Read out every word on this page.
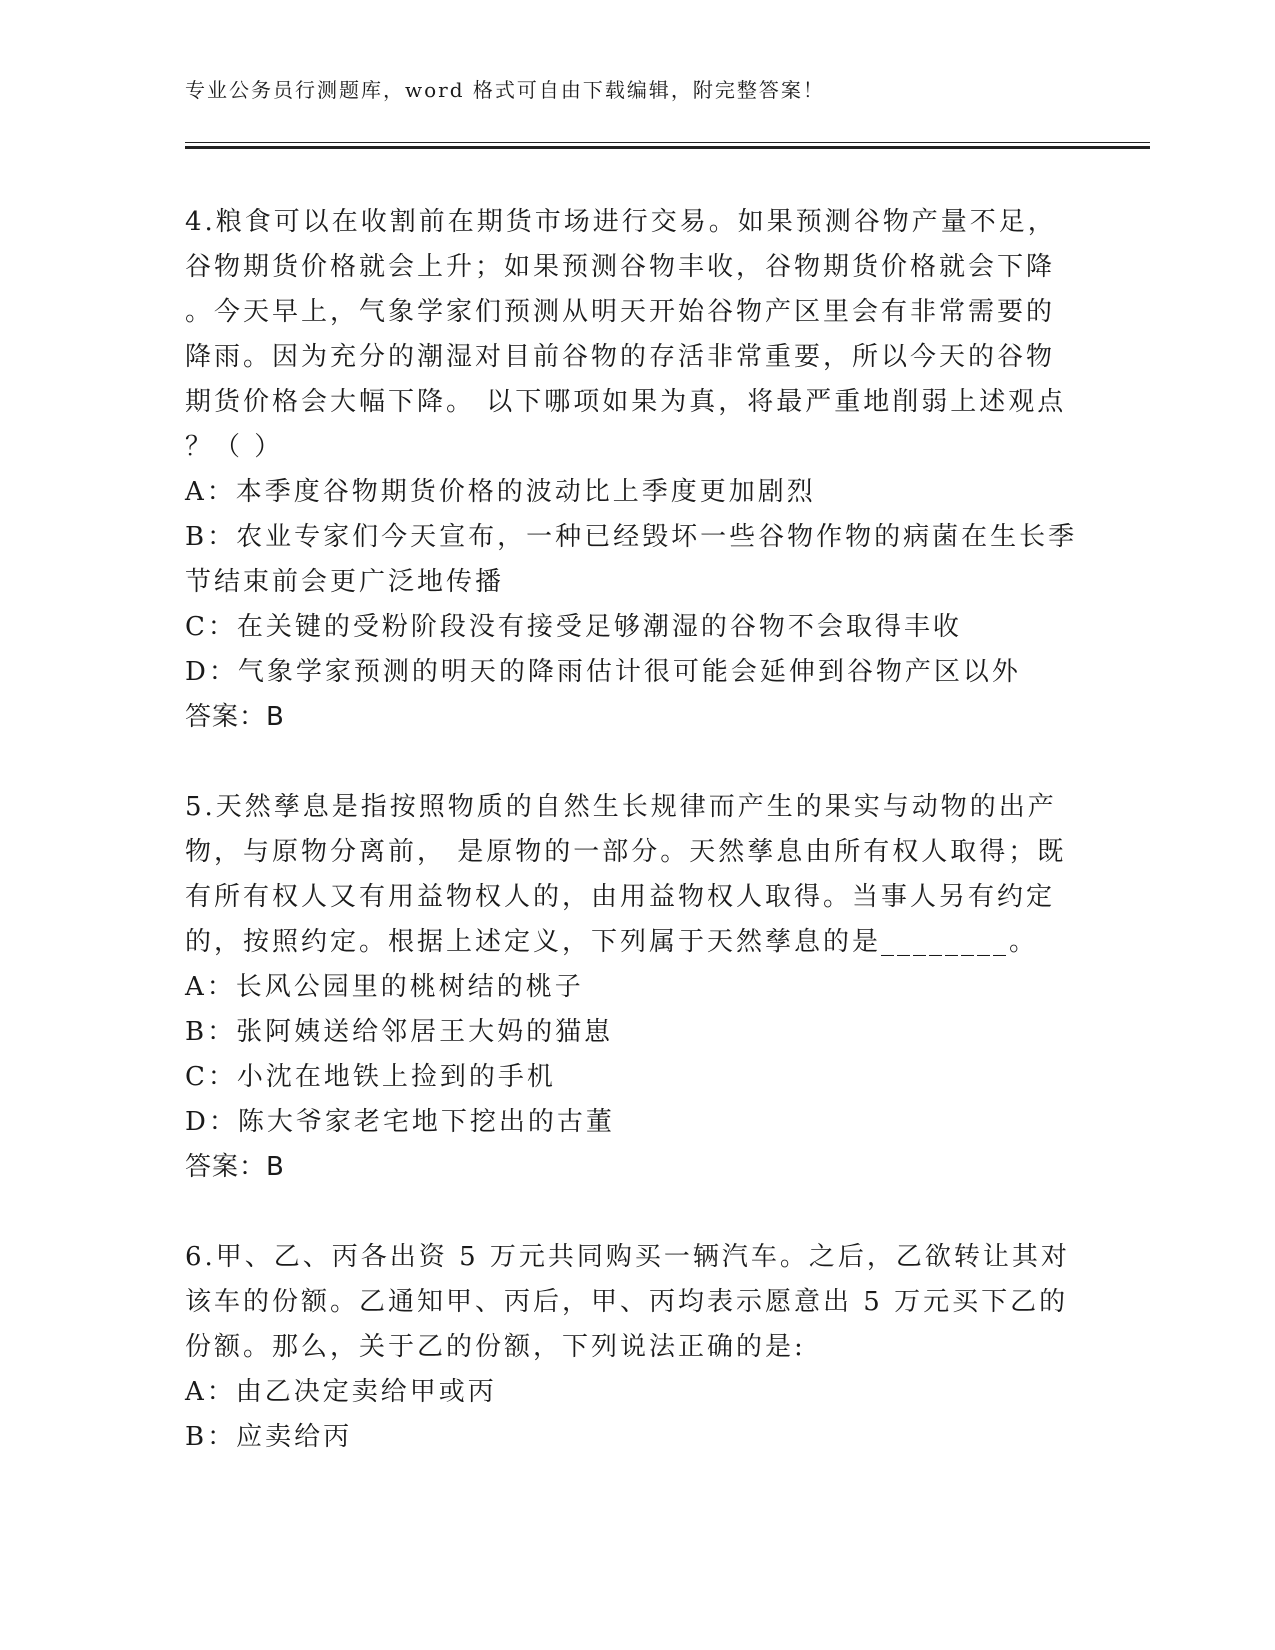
专业公务员行测题库，word 格式可自由下载编辑，附完整答案！
4.粮食可以在收割前在期货市场进行交易。如果预测谷物产量不足，
谷物期货价格就会上升；如果预测谷物丰收，谷物期货价格就会下降
。今天早上，气象学家们预测从明天开始谷物产区里会有非常需要的
降雨。因为充分的潮湿对目前谷物的存活非常重要，所以今天的谷物
期货价格会大幅下降。 以下哪项如果为真，将最严重地削弱上述观点
？（ ）
A：本季度谷物期货价格的波动比上季度更加剧烈
B：农业专家们今天宣布，一种已经毁坏一些谷物作物的病菌在生长季
节结束前会更广泛地传播
C：在关键的受粉阶段没有接受足够潮湿的谷物不会取得丰收
D：气象学家预测的明天的降雨估计很可能会延伸到谷物产区以外
答案：B
5.天然孳息是指按照物质的自然生长规律而产生的果实与动物的出产
物，与原物分离前， 是原物的一部分。天然孳息由所有权人取得；既
有所有权人又有用益物权人的，由用益物权人取得。当事人另有约定
的，按照约定。根据上述定义，下列属于天然孳息的是________。
A：长风公园里的桃树结的桃子
B：张阿姨送给邻居王大妈的猫崽
C：小沈在地铁上捡到的手机
D：陈大爷家老宅地下挖出的古董
答案：B
6.甲、乙、丙各出资 5 万元共同购买一辆汽车。之后，乙欲转让其对
该车的份额。乙通知甲、丙后，甲、丙均表示愿意出 5 万元买下乙的
份额。那么，关于乙的份额，下列说法正确的是:
A：由乙决定卖给甲或丙
B：应卖给丙
